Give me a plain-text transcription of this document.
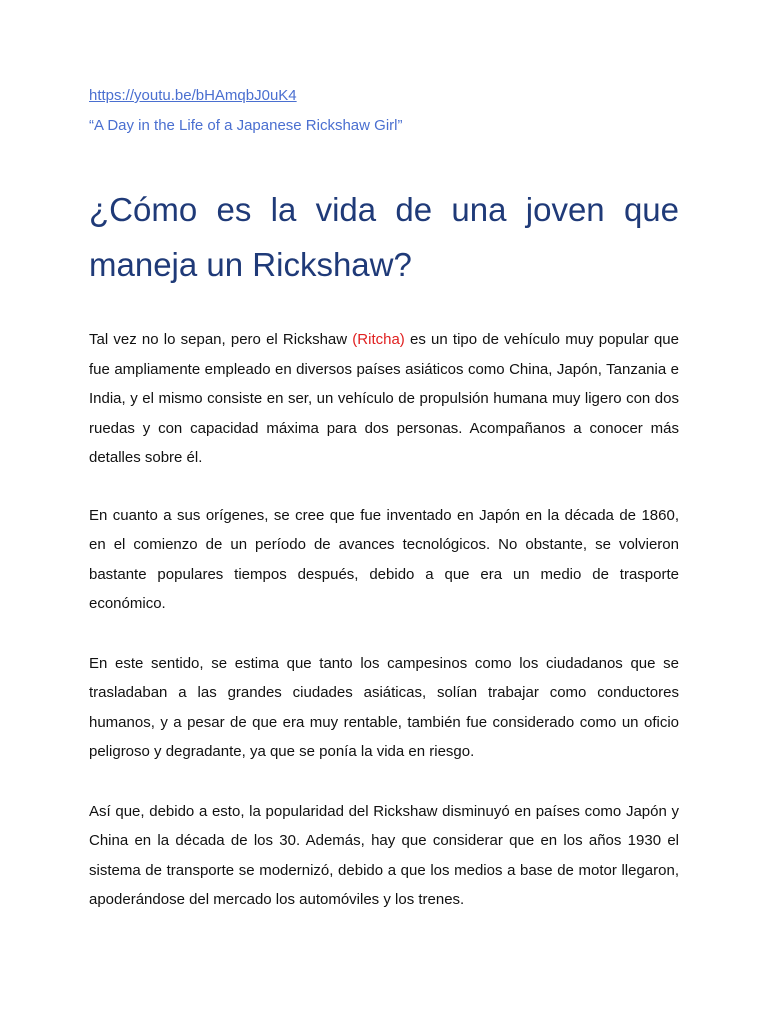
https://youtu.be/bHAmqbJ0uK4
“A Day in the Life of a Japanese Rickshaw Girl”
¿Cómo es la vida de una joven que maneja un Rickshaw?

Tal vez no lo sepan, pero el Rickshaw (Ritcha) es un tipo de vehículo muy popular que fue ampliamente empleado en diversos países asiáticos como China, Japón, Tanzania e India, y el mismo consiste en ser, un vehículo de propulsión humana muy ligero con dos ruedas y con capacidad máxima para dos personas. Acompañanos a conocer más detalles sobre él.

En cuanto a sus orígenes, se cree que fue inventado en Japón en la década de 1860, en el comienzo de un período de avances tecnológicos. No obstante, se volvieron bastante populares tiempos después, debido a que era un medio de trasporte económico.

En este sentido, se estima que tanto los campesinos como los ciudadanos que se trasladaban a las grandes ciudades asiáticas, solían trabajar como conductores humanos, y a pesar de que era muy rentable, también fue considerado como un oficio peligroso y degradante, ya que se ponía la vida en riesgo.

Así que, debido a esto, la popularidad del Rickshaw disminuyó en países como Japón y China en la década de los 30. Además, hay que considerar que en los años 1930 el sistema de transporte se modernizó, debido a que los medios a base de motor llegaron, apoderándose del mercado los automóviles y los trenes.
